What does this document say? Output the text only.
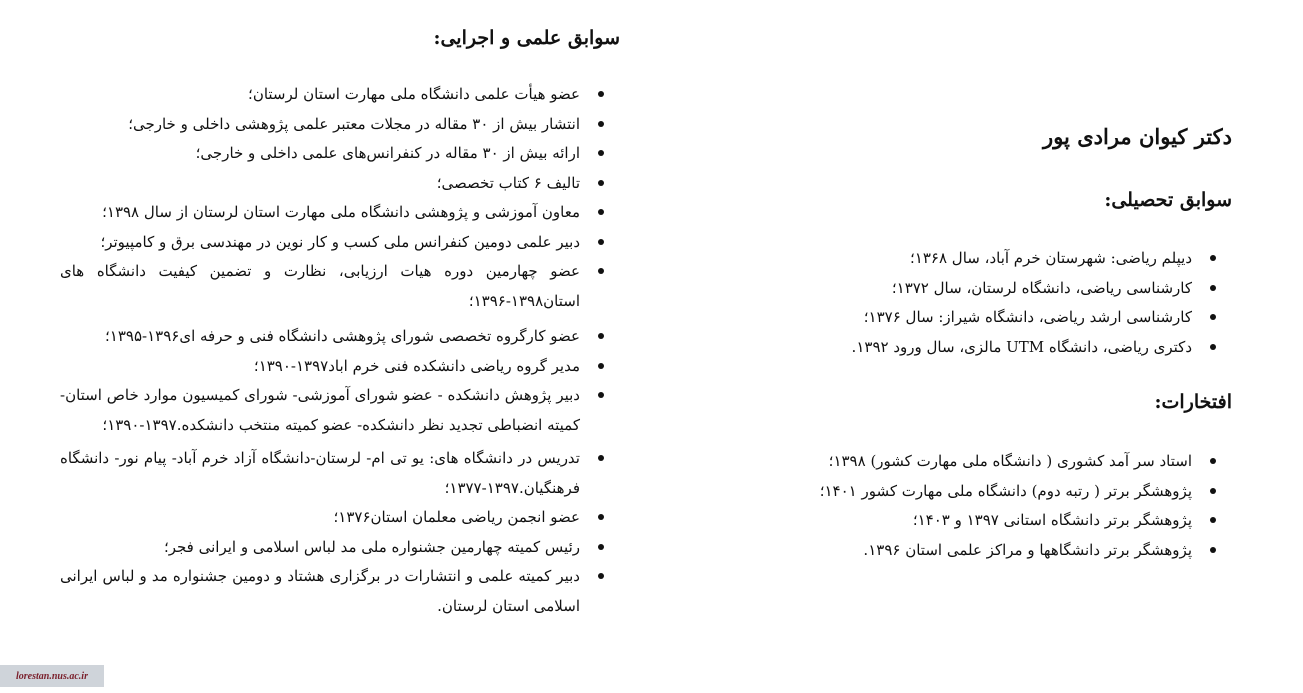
دکتر کیوان مرادی پور
سوابق تحصیلی:
دیپلم ریاضی: شهرستان خرم آباد، سال ۱۳۶۸؛
کارشناسی ریاضی، دانشگاه لرستان، سال ۱۳۷۲؛
کارشناسی ارشد ریاضی، دانشگاه شیراز: سال ۱۳۷۶؛
دکتری ریاضی، دانشگاه UTM مالزی، سال ورود ۱۳۹۲.
افتخارات:
استاد سر آمد کشوری ( دانشگاه ملی مهارت کشور) ۱۳۹۸؛
پژوهشگر برتر ( رتبه دوم) دانشگاه ملی مهارت کشور ۱۴۰۱؛
پژوهشگر برتر دانشگاه استانی ۱۳۹۷ و ۱۴۰۳؛
پژوهشگر برتر دانشگاهها و مراکز علمی استان ۱۳۹۶.
سوابق علمی و اجرایی:
عضو هیأت علمی دانشگاه ملی مهارت استان لرستان؛
انتشار بیش از ۳۰ مقاله در مجلات معتبر علمی پژوهشی داخلی و خارجی؛
ارائه بیش از ۳۰ مقاله در کنفرانس‌های علمی داخلی و خارجی؛
تالیف ۶ کتاب تخصصی؛
معاون آموزشی و پژوهشی دانشگاه ملی مهارت استان لرستان از سال ۱۳۹۸؛
دبیر علمی دومین کنفرانس ملی کسب و کار نوین در مهندسی برق و کامپیوتر؛
عضو چهارمین دوره هیات ارزیابی، نظارت و تضمین کیفیت دانشگاه های استان۱۳۹۸-۱۳۹۶؛
عضو کارگروه تخصصی شورای پژوهشی دانشگاه فنی و حرفه ای۱۳۹۶-۱۳۹۵؛
مدیر گروه ریاضی دانشکده فنی خرم اباد۱۳۹۷-۱۳۹۰؛
دبیر پژوهش دانشکده - عضو شورای آموزشی- شورای کمیسیون موارد خاص استان- کمیته انضباطی تجدید نظر دانشکده- عضو کمیته منتخب دانشکده.۱۳۹۷-۱۳۹۰؛
تدریس در دانشگاه های: یو تی ام- لرستان-دانشگاه آزاد خرم آباد- پیام نور- دانشگاه فرهنگیان.۱۳۹۷-۱۳۷۷؛
عضو انجمن ریاضی معلمان استان۱۳۷۶؛
رئیس کمیته چهارمین جشنواره ملی مد لباس اسلامی و ایرانی فجر؛
دبیر کمیته علمی و انتشارات در برگزاری هشتاد و دومین جشنواره مد و لباس ایرانی اسلامی استان لرستان.
lorestan.nus.ac.ir
